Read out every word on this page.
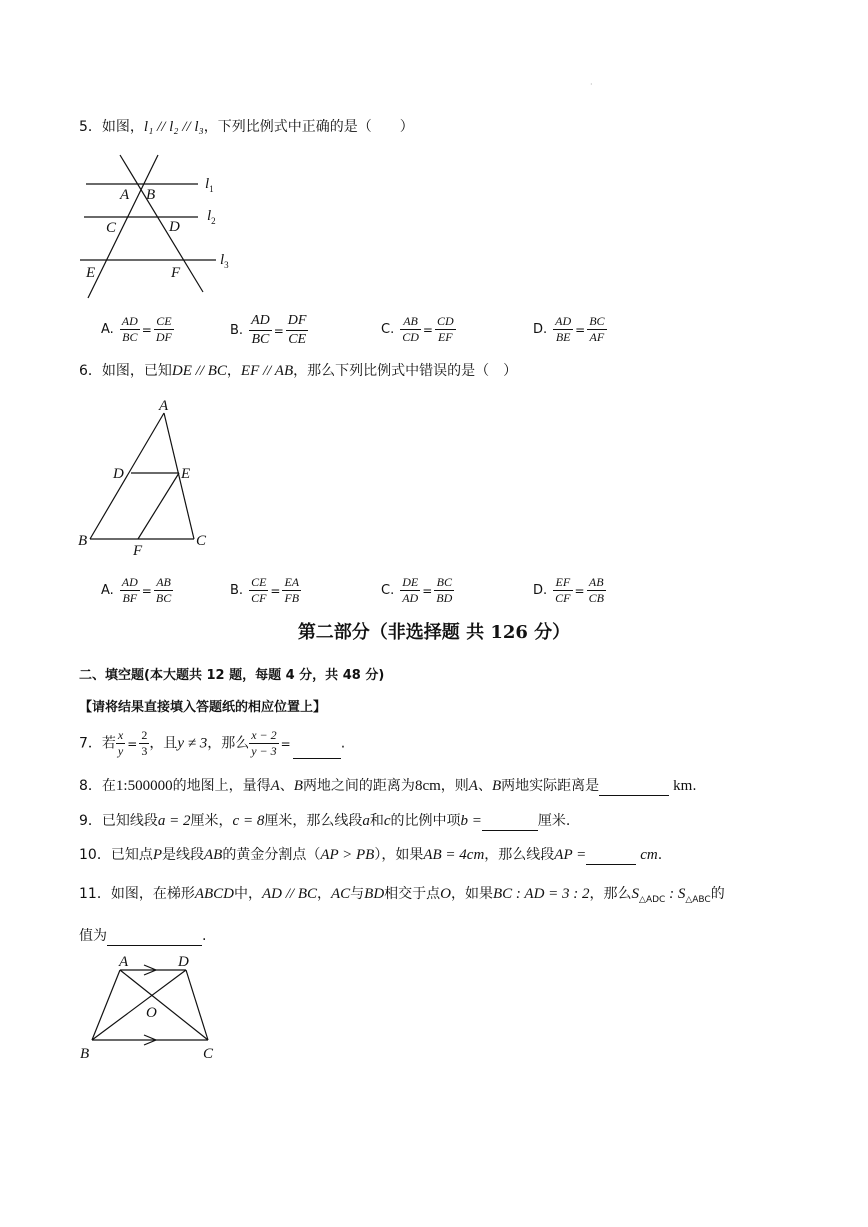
·
5．如图，l₁ // l₂ // l₃，下列比例式中正确的是（　　）
A B
C	D
E	F
$l_1$
$l_2$
$l_3$
A. $\frac{AD}{BC} = \frac{CE}{DF}$	B. $\frac{AD}{BC} = \frac{DF}{CE}$	C. $\frac{AB}{CD} = \frac{CD}{EF}$	D. $\frac{AD}{BE} = \frac{BC}{AF}$
6．如图，已知DE // BC，EF // AB，那么下列比例式中错误的是（　）
A
D	E
B
F
C
A. $\frac{AD}{BF} = \frac{AB}{BC}$	B. $\frac{CE}{CF} = \frac{EA}{FB}$	C. $\frac{DE}{AD} = \frac{BC}{BD}$	D. $\frac{EF}{CF} = \frac{AB}{CB}$
第二部分（非选择题 共 126 分）
二、填空题(本大题共 12 题，每题 4 分，共 48 分)
【请将结果直接填入答题纸的相应位置上】
7．若 $\frac{x}{y} = \frac{2}{3}$ ，且y ≠ 3，那么 $\frac{x - 2}{y - 3}$ =	.
8．在1:500000的地图上，量得A、B两地之间的距离为8cm，则A、B两地实际距离是	km.
9．已知线段a = 2厘米，c = 8厘米，那么线段a和c的比例中项b =	厘米.
10．已知点P是线段AB的黄金分割点（AP > PB），如果AB = 4cm，那么线段AP =	cm.
11．如图，在梯形ABCD中，AD // BC，AC与BD相交于点O，如果BC : AD = 3 : 2，那么$S_{\triangle ADC}$ : $S_{\triangle ABC}$的
值为	.
A	D
O
B	C
